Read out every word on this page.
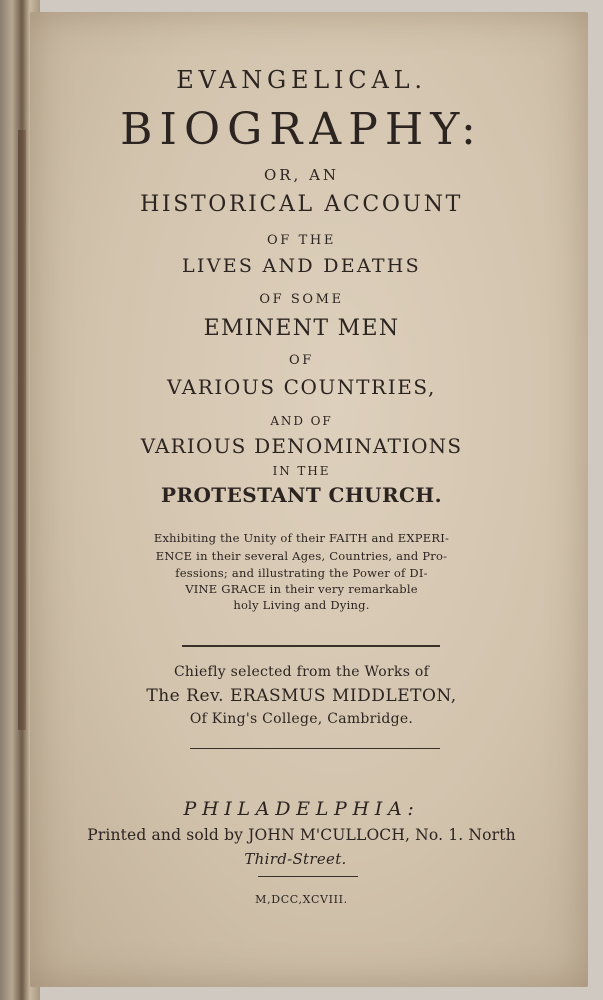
EVANGELICAL.
BIOGRAPHY:
OR, AN
HISTORICAL ACCOUNT
OF THE
LIVES AND DEATHS
OF SOME
EMINENT MEN
OF
VARIOUS COUNTRIES,
AND OF
VARIOUS DENOMINATIONS
IN THE
PROTESTANT CHURCH.
Exhibiting the Unity of their FAITH and EXPERI-
ENCE in their several Ages, Countries, and Pro-
fessions; and illustrating the Power of DI-
VINE GRACE in their very remarkable
holy Living and Dying.
Chiefly selected from the Works of
The Rev. ERASMUS MIDDLETON,
Of King's College, Cambridge.
PHILADELPHIA:
Printed and sold by JOHN M'CULLOCH, No. 1. North
Third-Street.
M,DCC,XCVIII.
